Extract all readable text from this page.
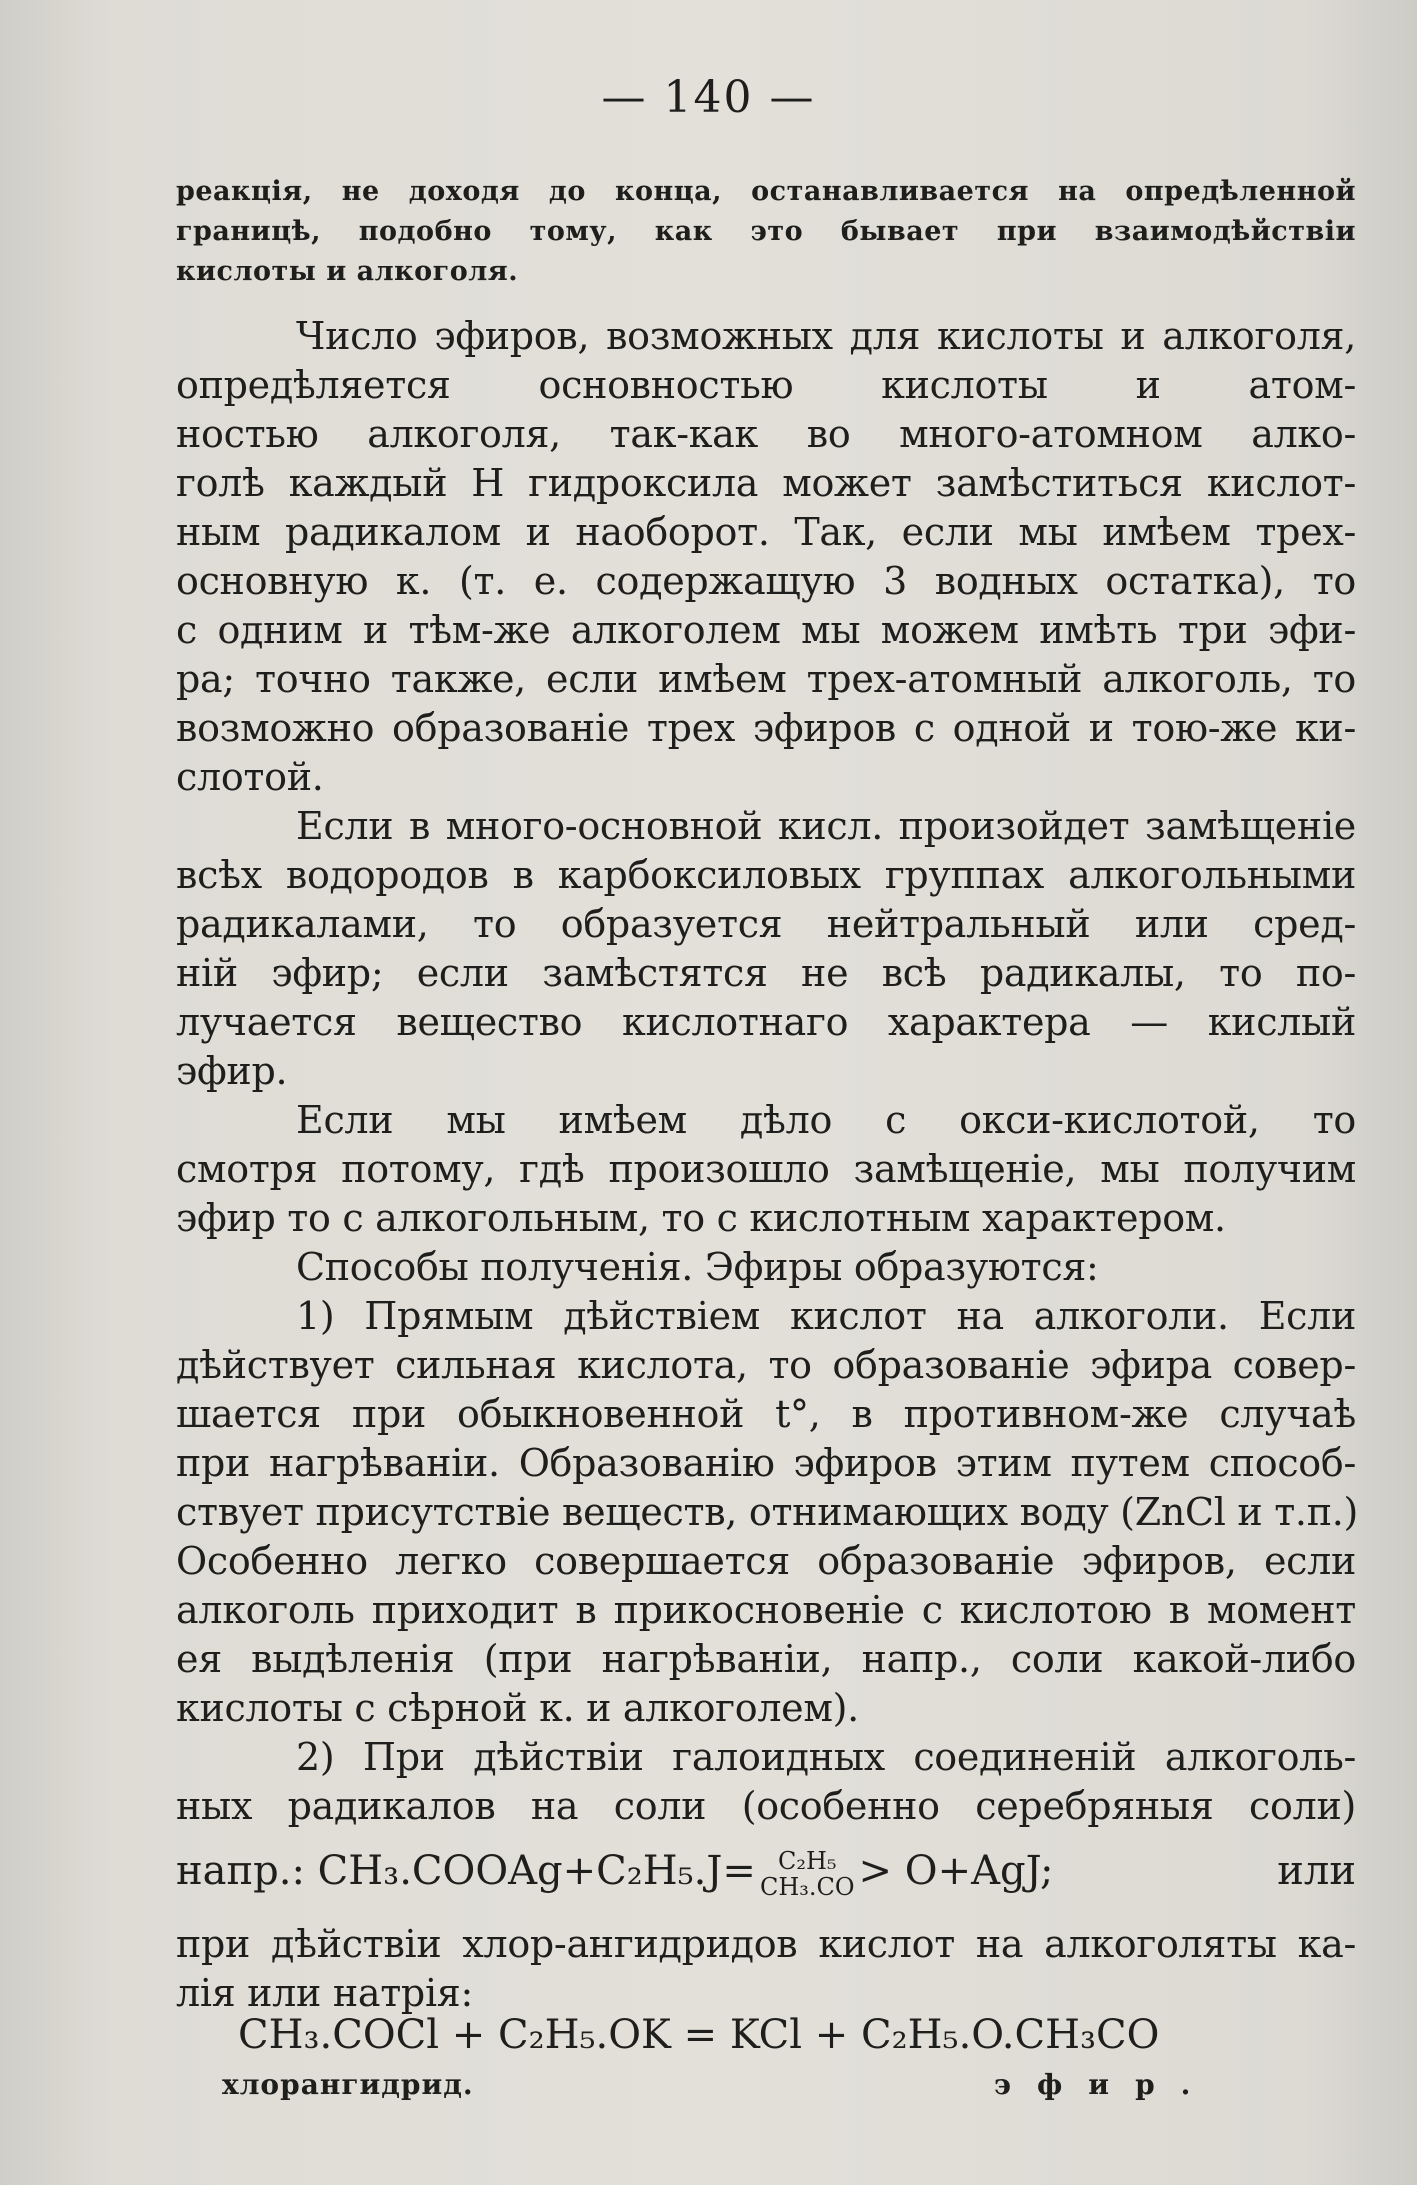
— 140 —
реакція, не доходя до конца, останавливается на опредѣленной
границѣ, подобно тому, как это бывает при взаимодѣйствіи
кислоты и алкоголя.
Число эфиров, возможных для кислоты и алкоголя,
опредѣляется основностью кислоты и атом-
ностью алкоголя, так-как во много-атомном алко-
голѣ каждый H гидроксила может замѣститься кислот-
ным радикалом и наоборот. Так, если мы имѣем трех-
основную к. (т. е. содержащую 3 водных остатка), то
с одним и тѣм-же алкоголем мы можем имѣть три эфи-
ра; точно также, если имѣем трех-атомный алкоголь, то
возможно образованіе трех эфиров с одной и тою-же ки-
слотой.
Если в много-основной кисл. произойдет замѣщеніе
всѣх водородов в карбоксиловых группах алкогольными
радикалами, то образуется нейтральный или сред-
ній эфир; если замѣстятся не всѣ радикалы, то по-
лучается вещество кислотнаго характера — кислый
эфир.
Если мы имѣем дѣло с окси-кислотой, то
смотря потому, гдѣ произошло замѣщеніе, мы получим
эфир то с алкогольным, то с кислотным характером.
Способы полученія. Эфиры образуются:
1) Прямым дѣйствіем кислот на алкоголи. Если
дѣйствует сильная кислота, то образованіе эфира совер-
шается при обыкновенной t°, в противном-же случаѣ
при нагрѣваніи. Образованію эфиров этим путем способ-
ствует присутствіе веществ, отнимающих воду (ZnCl и т.п.)
Особенно легко совершается образованіе эфиров, если
алкоголь приходит в прикосновеніе с кислотою в момент
ея выдѣленія (при нагрѣваніи, напр., соли какой-либо
кислоты с сѣрной к. и алкоголем).
2) При дѣйствіи галоидных соединеній алкоголь-
ных радикалов на соли (особенно серебряныя соли)
напр.: CH₃.COOAg+C₂H₅.J= C₂H₅
CH₃.CO > O+AgJ;	или
при дѣйствіи хлор-ангидридов кислот на алкоголяты ка-
лія или натрія:
CH₃.COCl + C₂H₅.OK = KCl + C₂H₅.O.CH₃CO
хлорангидрид.	эфир.
